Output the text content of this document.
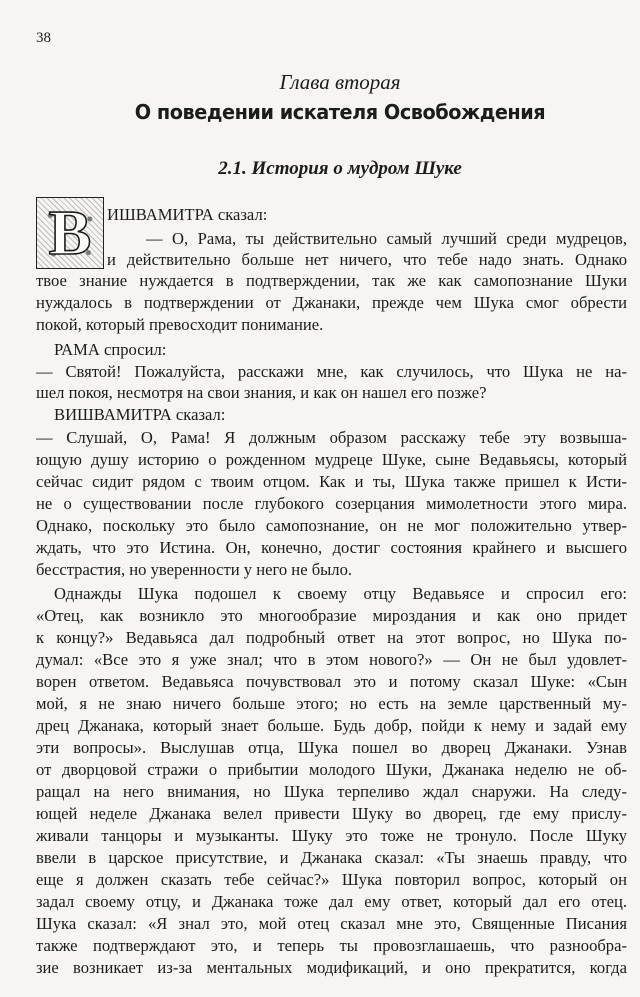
38
Глава вторая
О поведении искателя Освобождения
2.1. История о мудром Шуке
В ИШВАМИТРА сказал:
— О, Рама, ты действительно самый лучший среди мудрецов,
и действительно больше нет ничего, что тебе надо знать. Однако
твое знание нуждается в подтверждении, так же как самопознание Шуки
нуждалось в подтверждении от Джанаки, прежде чем Шука смог обрести
покой, который превосходит понимание.
РАМА спросил:
— Святой! Пожалуйста, расскажи мне, как случилось, что Шука не на-
шел покоя, несмотря на свои знания, и как он нашел его позже?
ВИШВАМИТРА сказал:
— Слушай, О, Рама! Я должным образом расскажу тебе эту возвыша-
ющую душу историю о рожденном мудреце Шуке, сыне Ведавьясы, который
сейчас сидит рядом с твоим отцом. Как и ты, Шука также пришел к Исти-
не о существовании после глубокого созерцания мимолетности этого мира.
Однако, поскольку это было самопознание, он не мог положительно утвер-
ждать, что это Истина. Он, конечно, достиг состояния крайнего и высшего
бесстрастия, но уверенности у него не было.
Однажды Шука подошел к своему отцу Ведавьясе и спросил его:
«Отец, как возникло это многообразие мироздания и как оно придет
к концу?» Ведавьяса дал подробный ответ на этот вопрос, но Шука по-
думал: «Все это я уже знал; что в этом нового?» — Он не был удовлет-
ворен ответом. Ведавьяса почувствовал это и потому сказал Шуке: «Сын
мой, я не знаю ничего больше этого; но есть на земле царственный му-
дрец Джанака, который знает больше. Будь добр, пойди к нему и задай ему
эти вопросы». Выслушав отца, Шука пошел во дворец Джанаки. Узнав
от дворцовой стражи о прибытии молодого Шуки, Джанака неделю не об-
ращал на него внимания, но Шука терпеливо ждал снаружи. На следу-
ющей неделе Джанака велел привести Шуку во дворец, где ему прислу-
живали танцоры и музыканты. Шуку это тоже не тронуло. После Шуку
ввели в царское присутствие, и Джанака сказал: «Ты знаешь правду, что
еще я должен сказать тебе сейчас?» Шука повторил вопрос, который он
задал своему отцу, и Джанака тоже дал ему ответ, который дал его отец.
Шука сказал: «Я знал это, мой отец сказал мне это, Священные Писания
также подтверждают это, и теперь ты провозглашаешь, что разнообра-
зие возникает из-за ментальных модификаций, и оно прекратится, когда
